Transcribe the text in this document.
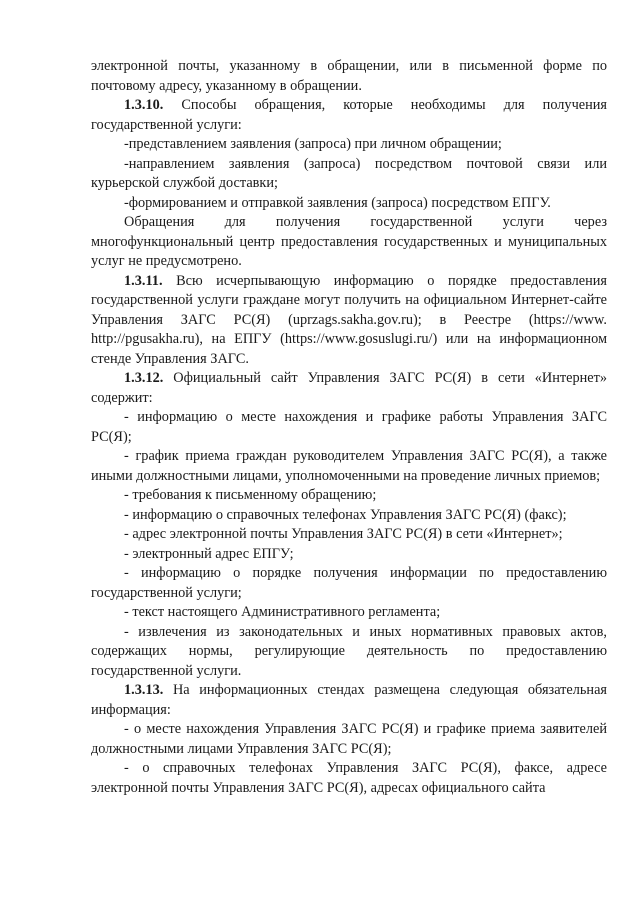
электронной почты, указанному в обращении, или в письменной форме по почтовому адресу, указанному в обращении.

1.3.10. Способы обращения, которые необходимы для получения государственной услуги:

-представлением заявления (запроса) при личном обращении;

-направлением заявления (запроса) посредством почтовой связи или курьерской службой доставки;

-формированием и отправкой заявления (запроса) посредством ЕПГУ.

Обращения для получения государственной услуги через многофункциональный центр предоставления государственных и муниципальных услуг не предусмотрено.

1.3.11. Всю исчерпывающую информацию о порядке предоставления государственной услуги граждане могут получить на официальном Интернет-сайте Управления ЗАГС РС(Я) (uprzags.sakha.gov.ru); в Реестре (https://www. http://pgusakha.ru), на ЕПГУ (https://www.gosuslugi.ru/) или на информационном стенде Управления ЗАГС.

1.3.12. Официальный сайт Управления ЗАГС РС(Я) в сети «Интернет» содержит:

- информацию о месте нахождения и графике работы Управления ЗАГС РС(Я);

- график приема граждан руководителем Управления ЗАГС РС(Я), а также иными должностными лицами, уполномоченными на проведение личных приемов;

- требования к письменному обращению;

- информацию о справочных телефонах Управления ЗАГС РС(Я) (факс);

- адрес электронной почты Управления ЗАГС РС(Я) в сети «Интернет»;

- электронный адрес ЕПГУ;

- информацию о порядке получения информации по предоставлению государственной услуги;

- текст настоящего Административного регламента;

- извлечения из законодательных и иных нормативных правовых актов, содержащих нормы, регулирующие деятельность по предоставлению государственной услуги.

1.3.13. На информационных стендах размещена следующая обязательная информация:

- о месте нахождения Управления ЗАГС РС(Я) и графике приема заявителей должностными лицами Управления ЗАГС РС(Я);

- о справочных телефонах Управления ЗАГС РС(Я), факсе, адресе электронной почты Управления ЗАГС РС(Я), адресах официального сайта
